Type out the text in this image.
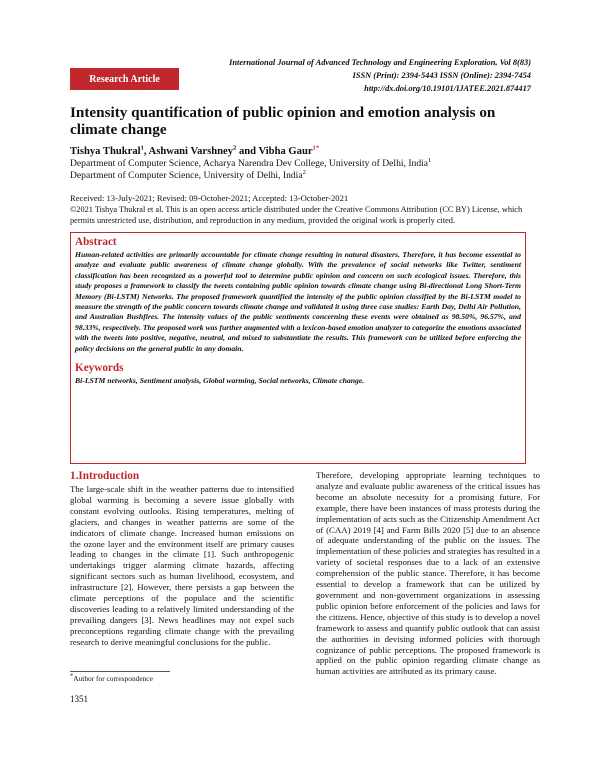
Research Article
International Journal of Advanced Technology and Engineering Exploration, Vol 8(83)
ISSN (Print): 2394-5443 ISSN (Online): 2394-7454
http://dx.doi.org/10.19101/IJATEE.2021.874417
Intensity quantification of public opinion and emotion analysis on climate change

Tishya Thukral$^1$, Ashwani Varshney$^2$ and Vibha Gaur$^{1*}$

Department of Computer Science, Acharya Narendra Dev College, University of Delhi, India$^1$
Department of Computer Science, University of Delhi, India$^2$
Received: 13-July-2021; Revised: 09-October-2021; Accepted: 13-October-2021
©2021 Tishya Thukral et al. This is an open access article distributed under the Creative Commons Attribution (CC BY) License, which permits unrestricted use, distribution, and reproduction in any medium, provided the original work is properly cited.
Abstract

Human-related activities are primarily accountable for climate change resulting in natural disasters. Therefore, it has become essential to analyze and evaluate public awareness of climate change globally. With the prevalence of social networks like Twitter, sentiment classification has been recognized as a powerful tool to determine public opinion and concern on such ecological issues. Therefore, this study proposes a framework to classify the tweets containing public opinion towards climate change using Bi-directional Long Short-Term Memory (Bi-LSTM) Networks. The proposed framework quantified the intensity of the public opinion classified by the Bi-LSTM model to measure the strength of the public concern towards climate change and validated it using three case studies: Earth Day, Delhi Air Pollution, and Australian Bushfires. The intensity values of the public sentiments concerning these events were obtained as 98.50%, 96.57%, and 98.33%, respectively. The proposed work was further augmented with a lexicon-based emotion analyzer to categorize the emotions associated with the tweets into positive, negative, neutral, and mixed to substantiate the results. This framework can be utilized before enforcing the policy decisions on the general public in any domain.

Keywords

Bi-LSTM networks, Sentiment analysis, Global warming, Social networks, Climate change.

1.Introduction

The large-scale shift in the weather patterns due to intensified global warming is becoming a severe issue globally with constant evolving outlooks. Rising temperatures, melting of glaciers, and changes in weather patterns are some of the indicators of climate change. Increased human emissions on the ozone layer and the environment itself are primary causes leading to changes in the climate [1]. Such anthropogenic undertakings trigger alarming climate hazards, affecting significant sectors such as human livelihood, ecosystem, and infrastructure [2]. However, there persists a gap between the climate perceptions of the populace and the scientific discoveries leading to a relatively limited understanding of the prevailing dangers [3]. News headlines may not expel such preconceptions regarding climate change with the prevailing research to derive meaningful conclusions for the public.

Therefore, developing appropriate learning techniques to analyze and evaluate public awareness of the critical issues has become an absolute necessity for a promising future. For example, there have been instances of mass protests during the implementation of acts such as the Citizenship Amendment Act of (CAA) 2019 [4] and Farm Bills 2020 [5] due to an absence of adequate understanding of the public on the issues. The implementation of these policies and strategies has resulted in a variety of societal responses due to a lack of an extensive comprehension of the public stance. Therefore, it has become essential to develop a framework that can be utilized by government and non-government organizations in assessing public opinion before enforcement of the policies and laws for the citizens. Hence, objective of this study is to develop a novel framework to assess and quantify public outlook that can assist the authorities in devising informed policies with thorough cognizance of public perceptions. The proposed framework is applied on the public opinion regarding climate change as human activities are attributed as its primary cause.

*Author for correspondence
1351
